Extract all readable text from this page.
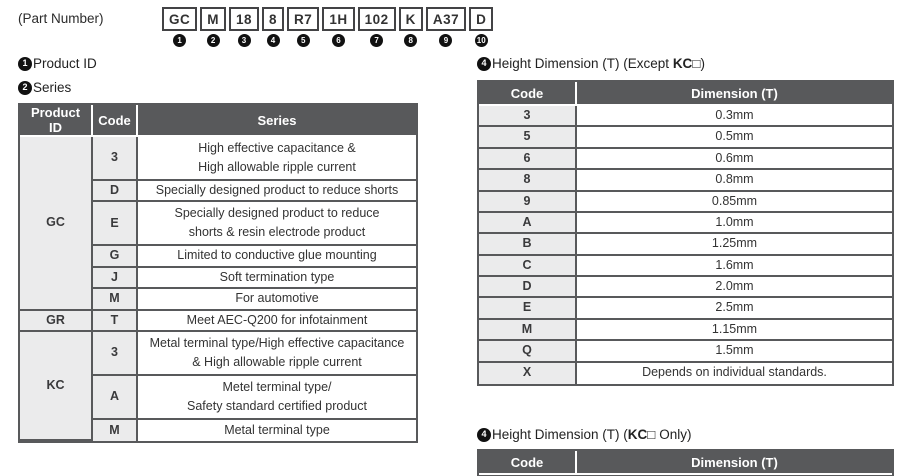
(Part Number)	GC
1
M
2
18
3
8
4
R7
5
1H
6
102
7
K
8
A37
9
D
10
1 Product ID
2 Series
Product ID	Code	Series
GC	3	High effective capacitance &
High allowable ripple current

	D	Specially designed product to reduce shorts

	E	Specially designed product to reduce
shorts & resin electrode product

	G	Limited to conductive glue mounting

	J	Soft termination type

	M	For automotive

GR	T	Meet AEC-Q200 for infotainment

KC	3	Metal terminal type/High effective capacitance
& High allowable ripple current

	A	Metel terminal type/
Safety standard certified product

	M	Metal terminal type
4 Height Dimension (T) (Except KC□)
Code	Dimension (T)
3	0.3mm
5	0.5mm
6	0.6mm
8	0.8mm
9	0.85mm
A	1.0mm
B	1.25mm
C	1.6mm
D	2.0mm
E	2.5mm
M	1.15mm
Q	1.5mm
X	Depends on individual standards.
4 Height Dimension (T) (KC□ Only)
Code	Dimension (T)
